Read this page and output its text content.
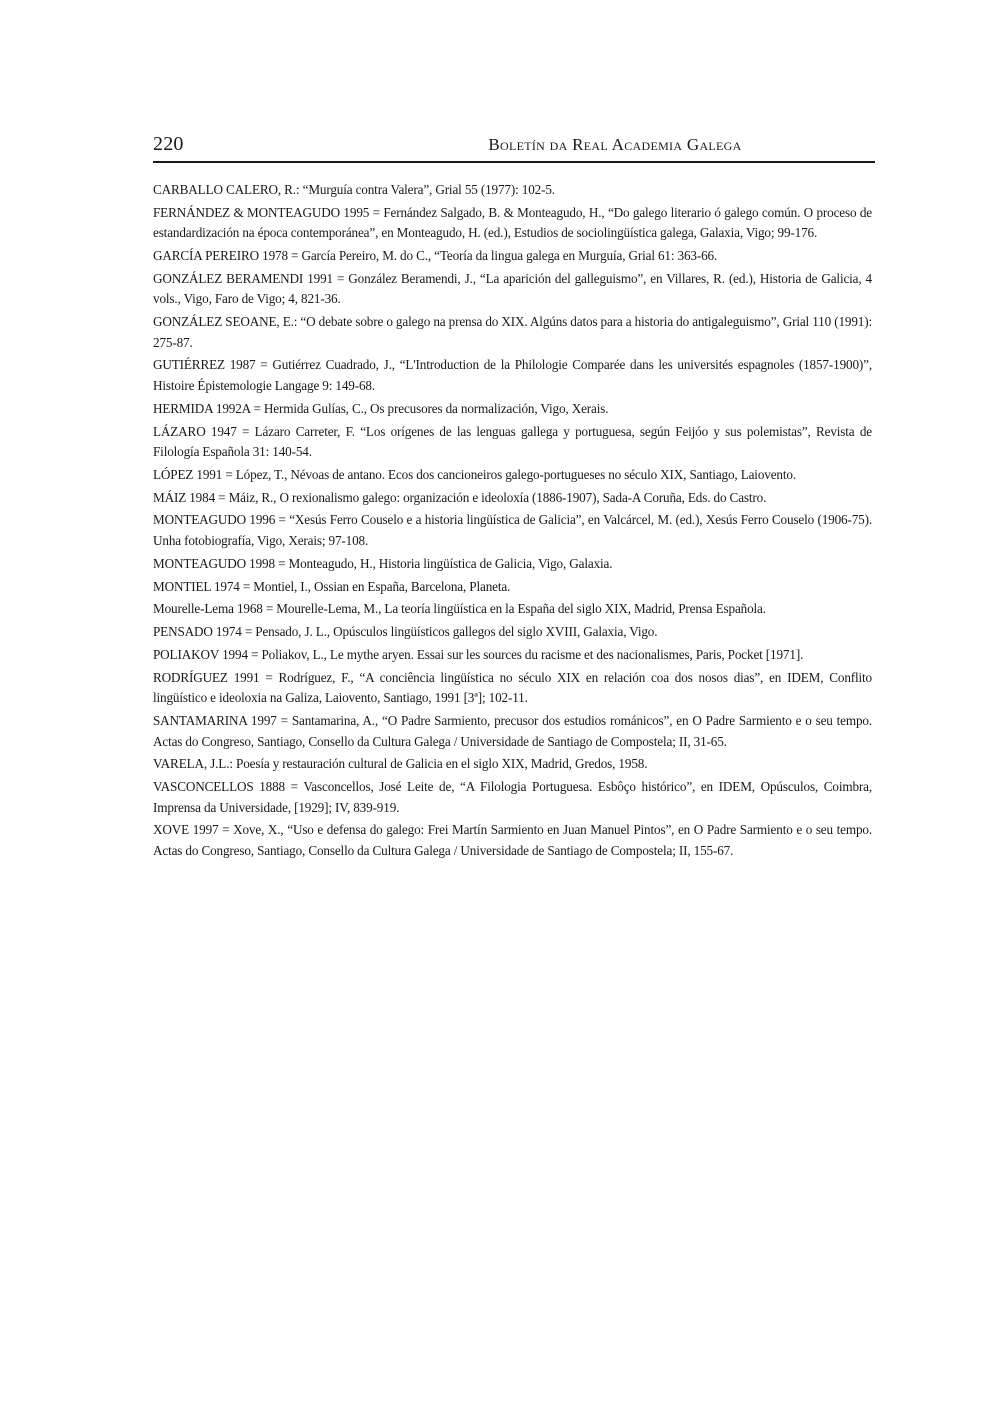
220	Boletín da Real Academia Galega
CARBALLO CALERO, R.: “Murguía contra Valera”, Grial 55 (1977): 102-5.
FERNÁNDEZ & MONTEAGUDO 1995 = Fernández Salgado, B. & Monteagudo, H., “Do galego literario ó galego común. O proceso de estandardización na época contemporánea”, en Monteagudo, H. (ed.), Estudios de sociolingüística galega, Galaxia, Vigo; 99-176.
GARCÍA PEREIRO 1978 = García Pereiro, M. do C., “Teoría da lingua galega en Murguía, Grial 61: 363-66.
GONZÁLEZ BERAMENDI 1991 = González Beramendi, J., “La aparición del galleguismo”, en Villares, R. (ed.), Historia de Galicia, 4 vols., Vigo, Faro de Vigo; 4, 821-36.
GONZÁLEZ SEOANE, E.: “O debate sobre o galego na prensa do XIX. Algúns datos para a historia do antigaleguismo”, Grial 110 (1991): 275-87.
GUTIÉRREZ 1987 = Gutiérrez Cuadrado, J., “L'Introduction de la Philologie Comparée dans les universités espagnoles (1857-1900)”, Histoire Épistemologie Langage 9: 149-68.
HERMIDA 1992A = Hermida Gulías, C., Os precusores da normalización, Vigo, Xerais.
LÁZARO 1947 = Lázaro Carreter, F. “Los orígenes de las lenguas gallega y portuguesa, según Feijóo y sus polemistas”, Revista de Filología Española 31: 140-54.
LÓPEZ 1991 = López, T., Névoas de antano. Ecos dos cancioneiros galego-portugueses no século XIX, Santiago, Laiovento.
MÁIZ 1984 = Máiz, R., O rexionalismo galego: organización e ideoloxía (1886-1907), Sada-A Coruña, Eds. do Castro.
MONTEAGUDO 1996 = “Xesús Ferro Couselo e a historia lingüística de Galicia”, en Valcárcel, M. (ed.), Xesús Ferro Couselo (1906-75). Unha fotobiografía, Vigo, Xerais; 97-108.
MONTEAGUDO 1998 = Monteagudo, H., Historia lingüística de Galicia, Vigo, Galaxia.
MONTIEL 1974 = Montiel, I., Ossian en España, Barcelona, Planeta.
Mourelle-Lema 1968 = Mourelle-Lema, M., La teoría lingüística en la España del siglo XIX, Madrid, Prensa Española.
PENSADO 1974 = Pensado, J. L., Opúsculos lingüísticos gallegos del siglo XVIII, Galaxia, Vigo.
POLIAKOV 1994 = Poliakov, L., Le mythe aryen. Essai sur les sources du racisme et des nacionalismes, Paris, Pocket [1971].
RODRÍGUEZ 1991 = Rodríguez, F., “A conciência lingüística no século XIX en relación coa dos nosos dias”, en IDEM, Conflito lingüístico e ideoloxia na Galiza, Laiovento, Santiago, 1991 [3ª]; 102-11.
SANTAMARINA 1997 = Santamarina, A., “O Padre Sarmiento, precusor dos estudios románicos”, en O Padre Sarmiento e o seu tempo. Actas do Congreso, Santiago, Consello da Cultura Galega / Universidade de Santiago de Compostela; II, 31-65.
VARELA, J.L.: Poesía y restauración cultural de Galicia en el siglo XIX, Madrid, Gredos, 1958.
VASCONCELLOS 1888 = Vasconcellos, José Leite de, “A Filologia Portuguesa. Esbôço histórico”, en IDEM, Opúsculos, Coimbra, Imprensa da Universidade, [1929]; IV, 839-919.
XOVE 1997 = Xove, X., “Uso e defensa do galego: Frei Martín Sarmiento en Juan Manuel Pintos”, en O Padre Sarmiento e o seu tempo. Actas do Congreso, Santiago, Consello da Cultura Galega / Universidade de Santiago de Compostela; II, 155-67.
